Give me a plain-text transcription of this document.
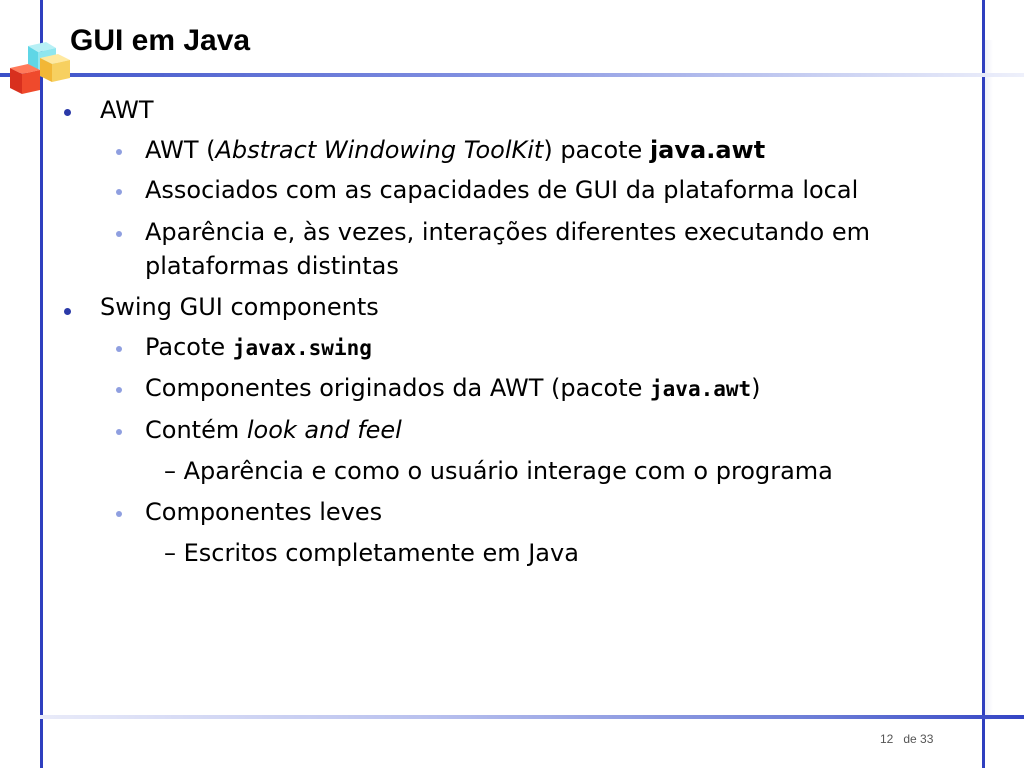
GUI em Java
AWT
AWT (Abstract Windowing ToolKit) pacote java.awt
Associados com as capacidades de GUI da plataforma local
Aparência e, às vezes, interações diferentes executando em
plataformas distintas
Swing GUI components
Pacote javax.swing
Componentes originados da AWT (pacote java.awt)
Contém look and feel
– Aparência e como o usuário interage com o programa
Componentes leves
– Escritos completamente em Java
12 de 33
